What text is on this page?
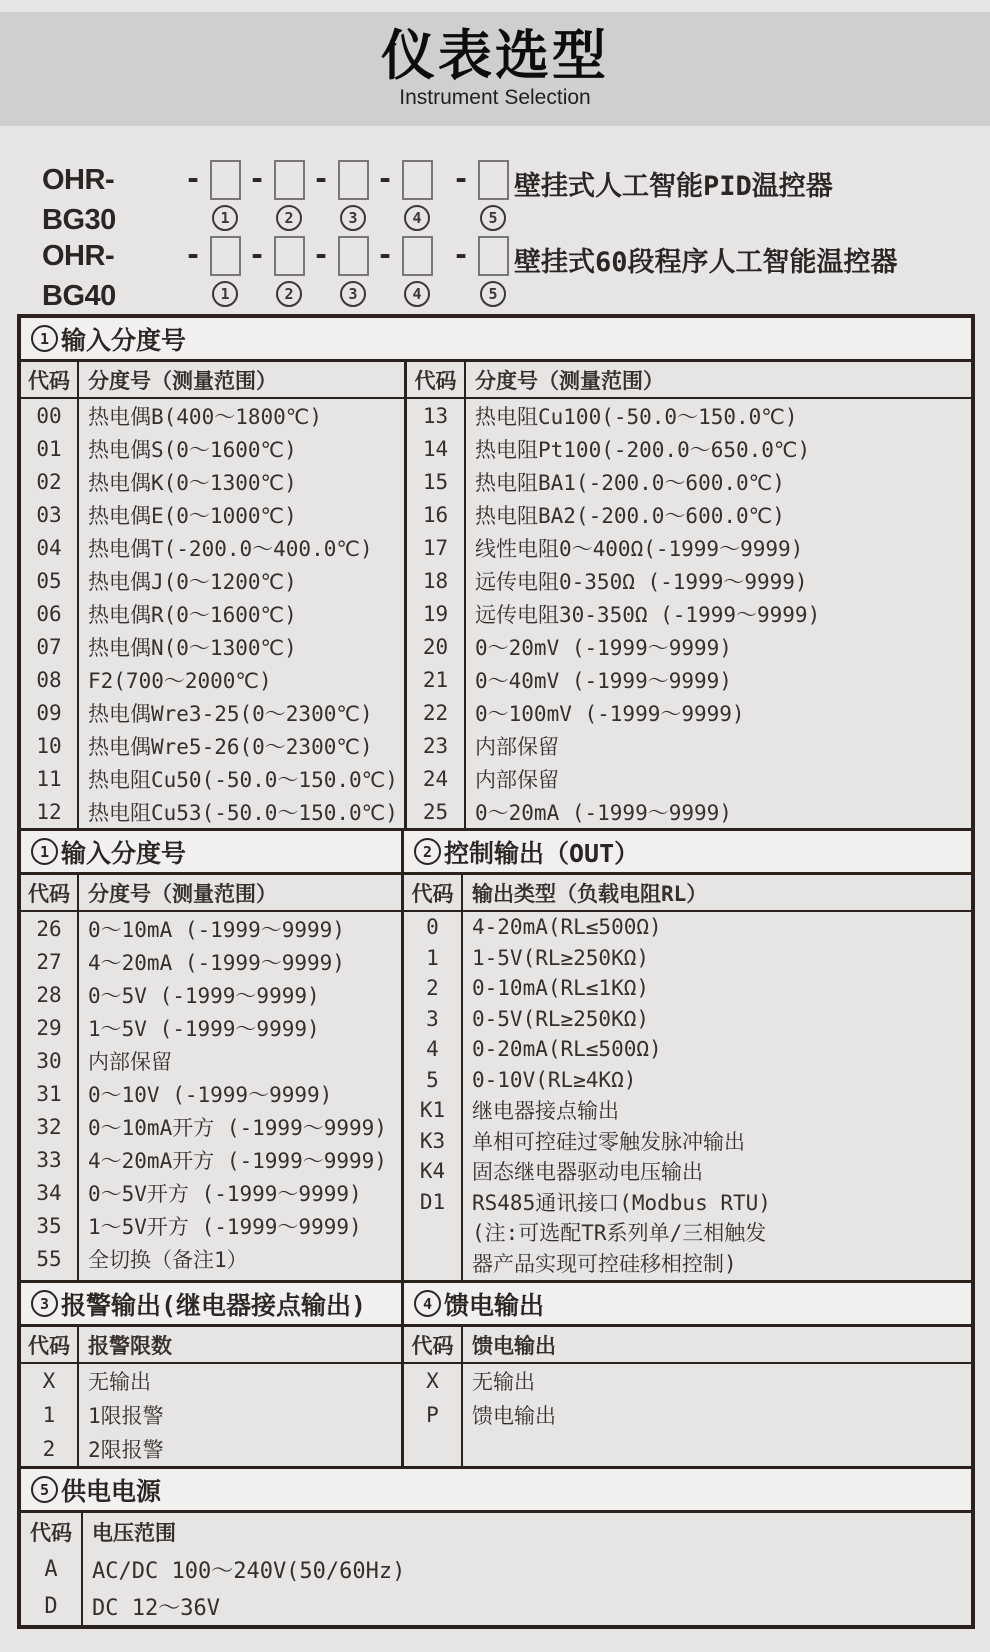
仪表选型
Instrument Selection
OHR-BG30
-
1
-
2
-
3
-
4
-
5
壁挂式人工智能PID温控器
OHR-BG40
-
1
-
2
-
3
-
4
-
5
壁挂式60段程序人工智能温控器
1 输入分度号
代码 分度号（测量范围）	代码 分度号（测量范围）
00	热电偶B(400～1800℃)	13	热电阻Cu100(-50.0～150.0℃)
01	热电偶S(0～1600℃)	14	热电阻Pt100(-200.0～650.0℃)
02	热电偶K(0～1300℃)	15	热电阻BA1(-200.0～600.0℃)
03	热电偶E(0～1000℃)	16	热电阻BA2(-200.0～600.0℃)
04	热电偶T(-200.0～400.0℃)	17	线性电阻0～400Ω(-1999～9999)
05	热电偶J(0～1200℃)	18	远传电阻0-350Ω (-1999～9999)
06	热电偶R(0～1600℃)	19	远传电阻30-350Ω (-1999～9999)
07	热电偶N(0～1300℃)	20	0～20mV (-1999～9999)
08	F2(700～2000℃)	21	0～40mV (-1999～9999)
09	热电偶Wre3-25(0～2300℃)	22	0～100mV (-1999～9999)
10	热电偶Wre5-26(0～2300℃)	23	内部保留
11	热电阻Cu50(-50.0～150.0℃)	24	内部保留
12	热电阻Cu53(-50.0～150.0℃)	25	0～20mA (-1999～9999)
1 输入分度号
代码 分度号（测量范围）
26	0～10mA (-1999～9999)
27	4～20mA (-1999～9999)
28	0～5V (-1999～9999)
29	1～5V (-1999～9999)
30	内部保留
31	0～10V (-1999～9999)
32	0～10mA开方 (-1999～9999)
33	4～20mA开方 (-1999～9999)
34	0～5V开方 (-1999～9999)
35	1～5V开方 (-1999～9999)
55	全切换（备注1）
2 控制输出（OUT）
代码 输出类型（负载电阻RL）
0	4-20mA(RL≤500Ω)
1	1-5V(RL≥250KΩ)
2	0-10mA(RL≤1KΩ)
3	0-5V(RL≥250KΩ)
4	0-20mA(RL≤500Ω)
5	0-10V(RL≥4KΩ)
K1	继电器接点输出
K3	单相可控硅过零触发脉冲输出
K4	固态继电器驱动电压输出
D1	RS485通讯接口(Modbus RTU)
(注:可选配TR系列单/三相触发
器产品实现可控硅移相控制)
3 报警输出(继电器接点输出)
代码 报警限数
X	无输出
1	1限报警
2	2限报警
4 馈电输出
代码 馈电输出
X	无输出
P	馈电输出
5 供电电源
代码 电压范围
A	AC/DC 100～240V(50/60Hz)
D	DC 12～36V
